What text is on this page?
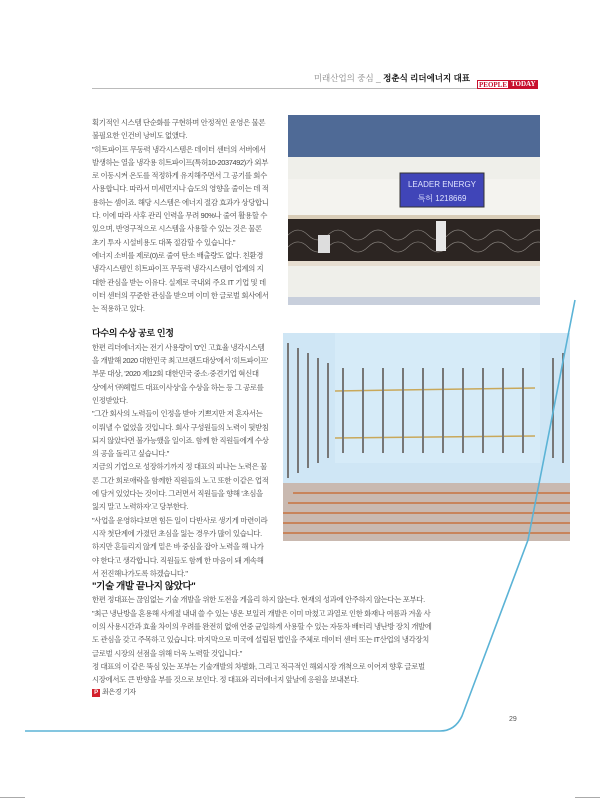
미래산업의 중심 _ 정춘식 리더에너지 대표
PEOPLE TODAY
LEADER ENERGY
특허 1218669

획기적인 시스템 단순화를 구현하며 안정적인 운영은 물론 불필요한 인건비 낭비도 없앴다.

"히트파이프 무동력 냉각시스템은 데이터 센터의 서버에서 발생하는 열을 냉각용 히트파이프(특허10-2037492)가 외부로 이동시켜 온도를 적정하게 유지해주면서 그 공기를 회수 사용합니다. 따라서 미세먼지나 습도의 영향을 줄이는 데 적용하는 셈이죠. 해당 시스템은 에너지 절감 효과가 상당합니다. 이에 따라 사후 관리 인력을 무려 90%나 줄여 활용할 수 있으며, 반영구적으로 시스템을 사용할 수 있는 것은 물론 초기 투자 시설비용도 대폭 절감할 수 있습니다."

에너지 소비를 제로(0)로 줄여 탄소 배출량도 없다. 친환경 냉각시스템인 히트파이프 무동력 냉각시스템이 업계의 지대한 관심을 받는 이유다. 실제로 국내외 주요 IT 기업 및 데이터 센터의 꾸준한 관심을 받으며 이미 한 글로벌 회사에서는 적용하고 있다.

다수의 수상 공로 인정

한편 리더에너지는 전기 사용량이 '0'인 고효율 냉각시스템을 개발해 2020 대한민국 최고브랜드대상'에서 '히트파이프' 부문 대상, '2020 제12회 대한민국 중소·중견기업 혁신대상'에서 '㈜헤럴드 대표이사상'을 수상을 하는 등 그 공로를 인정받았다.

"그간 회사의 노력들이 인정을 받아 기쁘지만 저 혼자서는 이뤄낼 수 없었을 것입니다. 회사 구성원들의 노력이 뒷받침되지 않았다면 불가능했을 일이죠. 함께 한 직원들에게 수상의 공을 돌리고 싶습니다."

지금의 기업으로 성장하기까지 정 대표의 피나는 노력은 물론 그간 희로애락을 함께한 직원들의 노고 또한 이같은 업적에 담겨 있었다는 것이다. 그러면서 직원들을 향해 '초심을 잃지 말고 노력하자'고 당부한다.

"사업을 운영하다보면 힘든 일이 다반사로 생기게 마련이라 시작 첫단계에 가졌던 초심을 잃는 경우가 많이 있습니다. 하지만 흔들리지 않게 밑은 바 중심을 잡아 노력을 해 나가야 한다고 생각합니다. 직원들도 함께 한 마음이 돼 계속해서 전진해나가도록 하겠습니다."

"기술 개발 끝나지 않았다"

한편 정대표는 끊임없는 기술 개발을 위한 도전을 게을리 하지 않는다. 현재의 성과에 안주하지 않는다는 포부다.

"최근 냉난방을 혼용해 사계절 내내 쓸 수 있는 냉온 보일러 개발은 이미 마쳤고 과열로 인한 화재나 여름과 겨울 사이의 사용시간과 효율 차이의 우려를 완전히 없애 연중 균일하게 사용할 수 있는 자동차 배터리 냉난방 장치 개발에도 관심을 갖고 주목하고 있습니다. 마지막으로 미국에 설립된 법인을 주체로 데이터 센터 또는 IT산업의 냉각장치 글로벌 시장의 선점을 위해 더욱 노력할 것입니다."

정 대표의 이 같은 뚝심 있는 포부는 기술개발의 차별화, 그리고 적극적인 해외시장 개척으로 이어져 향후 글로벌 시장에서도 큰 반향을 부를 것으로 보인다. 정 대표와 리더에너지 앞날에 응원을 보내본다.

P 최은경 기자
29
